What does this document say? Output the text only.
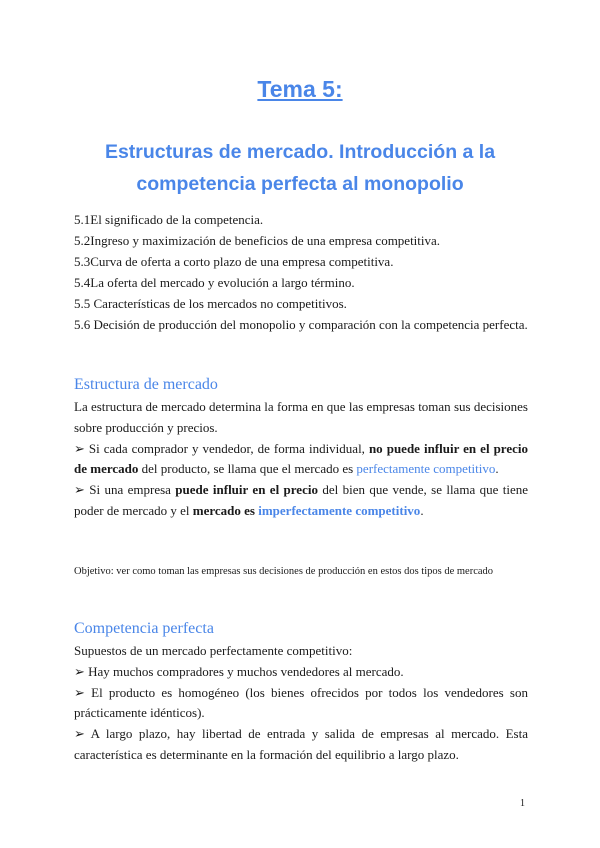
Tema 5:
Estructuras de mercado. Introducción a la competencia perfecta al monopolio
5.1El significado de la competencia.
5.2Ingreso y maximización de beneficios de una empresa competitiva.
5.3Curva de oferta a corto plazo de una empresa competitiva.
5.4La oferta del mercado y evolución a largo término.
5.5 Características de los mercados no competitivos.
5.6 Decisión de producción del monopolio y comparación con la competencia perfecta.
Estructura de mercado

La estructura de mercado determina la forma en que las empresas toman sus decisiones sobre producción y precios.

➢ Si cada comprador y vendedor, de forma individual, no puede influir en el precio de mercado del producto, se llama que el mercado es perfectamente competitivo.

➢ Si una empresa puede influir en el precio del bien que vende, se llama que tiene poder de mercado y el mercado es imperfectamente competitivo.

Objetivo: ver como toman las empresas sus decisiones de producción en estos dos tipos de mercado
Competencia perfecta

Supuestos de un mercado perfectamente competitivo:

➢ Hay muchos compradores y muchos vendedores al mercado.

➢ El producto es homogéneo (los bienes ofrecidos por todos los vendedores son prácticamente idénticos).

➢ A largo plazo, hay libertad de entrada y salida de empresas al mercado. Esta característica es determinante en la formación del equilibrio a largo plazo.

1
